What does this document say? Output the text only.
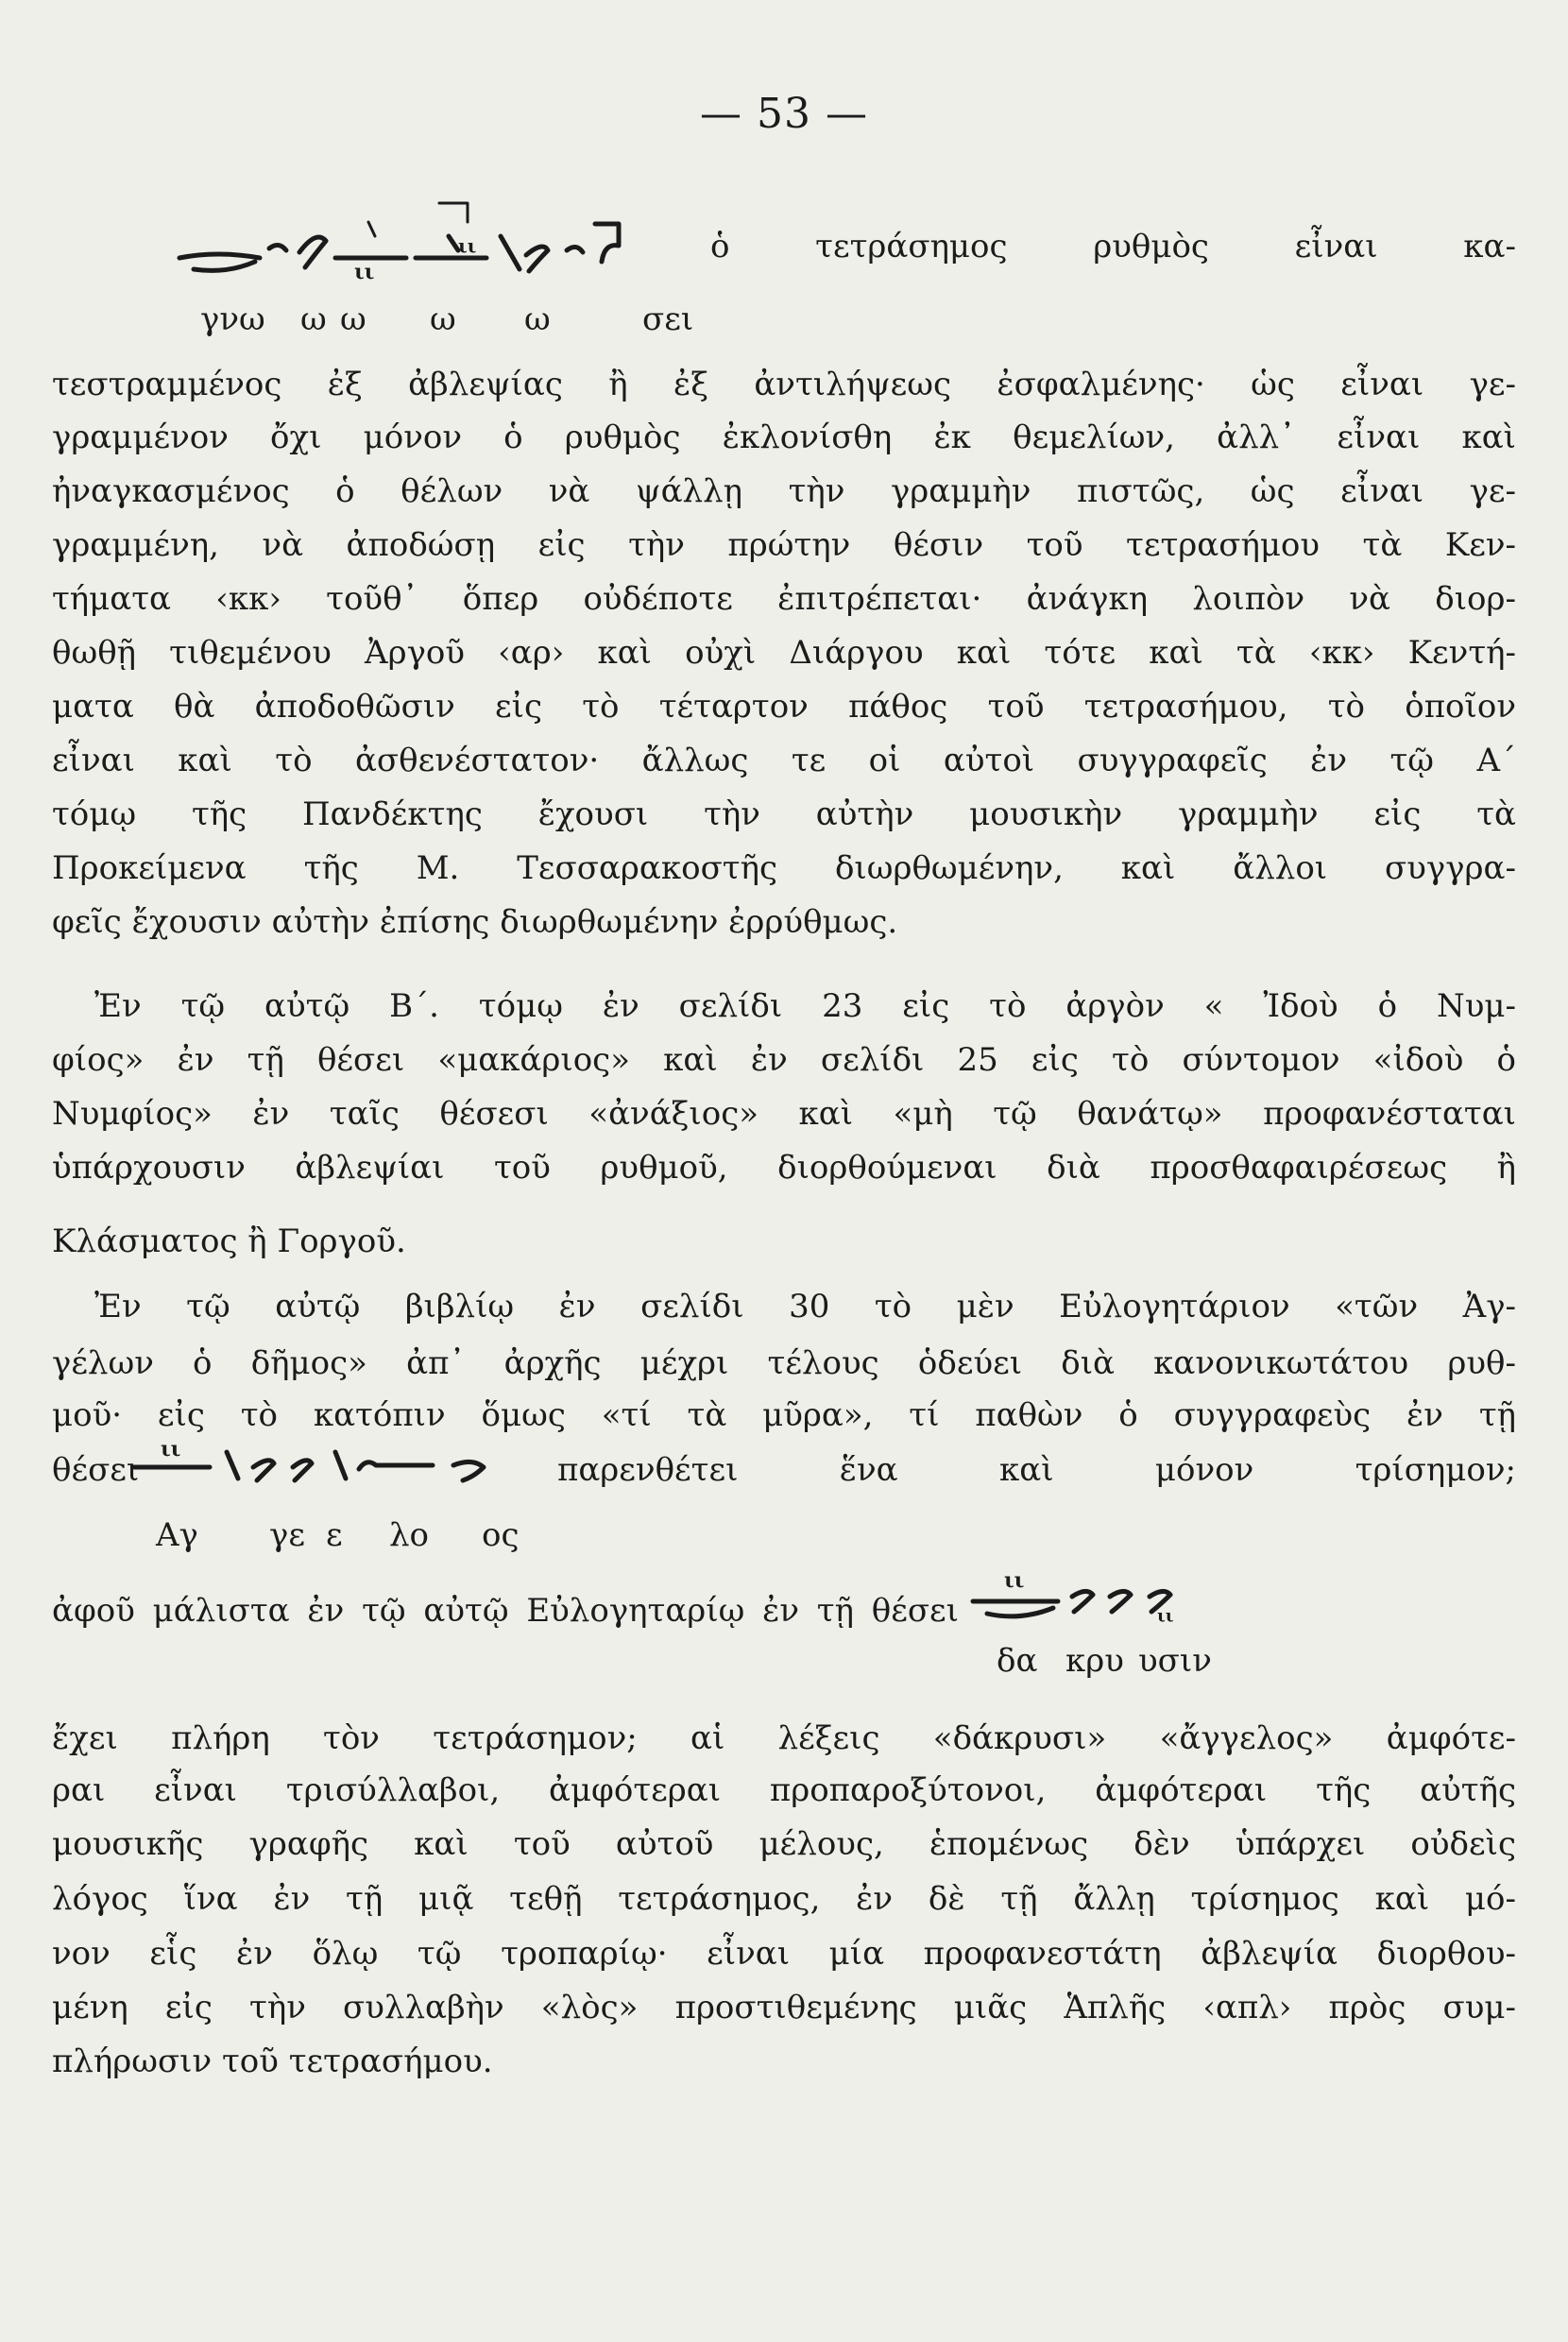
— 53 —
ιι
ιι
γνω ω ω ω ω	σει
ὁ τετράσημος ρυθμὸς εἶναι κα-
τεστραμμένος ἐξ ἀβλεψίας ἢ ἐξ ἀντιλήψεως ἐσφαλμένης· ὡς εἶναι γε-
γραμμένον ὄχι μόνον ὁ ρυθμὸς ἐκλονίσθη ἐκ θεμελίων, ἀλλ᾽ εἶναι καὶ
ἠναγκασμένος ὁ θέλων νὰ ψάλλῃ τὴν γραμμὴν πιστῶς, ὡς εἶναι γε-
γραμμένη, νὰ ἀποδώσῃ εἰς τὴν πρώτην θέσιν τοῦ τετρασήμου τὰ Κεν-
τήματα ‹κκ› τοῦθ᾽ ὅπερ οὐδέποτε ἐπιτρέπεται· ἀνάγκη λοιπὸν νὰ διορ-
θωθῇ τιθεμένου Ἀργοῦ ‹αρ› καὶ οὐχὶ Διάργου καὶ τότε καὶ τὰ ‹κκ› Κεντή-
ματα θὰ ἀποδοθῶσιν εἰς τὸ τέταρτον πάθος τοῦ τετρασήμου, τὸ ὁποῖον
εἶναι καὶ τὸ ἀσθενέστατον· ἄλλως τε οἱ αὐτοὶ συγγραφεῖς ἐν τῷ Α΄
τόμῳ τῆς Πανδέκτης ἔχουσι τὴν αὐτὴν μουσικὴν γραμμὴν εἰς τὰ
Προκείμενα τῆς Μ. Τεσσαρακοστῆς διωρθωμένην, καὶ ἄλλοι συγγρα-
φεῖς ἔχουσιν αὐτὴν ἐπίσης διωρθωμένην ἐρρύθμως.
Ἐν τῷ αὐτῷ Β΄. τόμῳ ἐν σελίδι 23 εἰς τὸ ἀργὸν « Ἰδοὺ ὁ Νυμ-
φίος» ἐν τῇ θέσει «μακάριος» καὶ ἐν σελίδι 25 εἰς τὸ σύντομον «ἰδοὺ ὁ
Νυμφίος» ἐν ταῖς θέσεσι «ἀνάξιος» καὶ «μὴ τῷ θανάτῳ» προφανέσταται
ὑπάρχουσιν ἀβλεψίαι τοῦ ρυθμοῦ, διορθούμεναι διὰ προσθαφαιρέσεως ἢ
Κλάσματος ἢ Γοργοῦ.
Ἐν τῷ αὐτῷ βιβλίῳ ἐν σελίδι 30 τὸ μὲν Εὐλογητάριον «τῶν Ἀγ-
γέλων ὁ δῆμος» ἀπ᾽ ἀρχῆς μέχρι τέλους ὁδεύει διὰ κανονικωτάτου ρυθ-
μοῦ· εἰς τὸ κατόπιν ὅμως «τί τὰ μῦρα», τί παθὼν ὁ συγγραφεὺς ἐν τῇ
θέσει
ιι
παρενθέτει ἕνα καὶ μόνον τρίσημον;
Αγ γε ε λο ος
ἀφοῦ μάλιστα ἐν τῷ αὐτῷ Εὐλογηταρίῳ ἐν τῇ θέσει
ιι
ιι
δα κρυ υσιν
ἔχει πλήρη τὸν τετράσημον; αἱ λέξεις «δάκρυσι» «ἄγγελος» ἀμφότε-
ραι εἶναι τρισύλλαβοι, ἀμφότεραι προπαροξύτονοι, ἀμφότεραι τῆς αὐτῆς
μουσικῆς γραφῆς καὶ τοῦ αὐτοῦ μέλους, ἑπομένως δὲν ὑπάρχει οὐδεὶς
λόγος ἵνα ἐν τῇ μιᾷ τεθῇ τετράσημος, ἐν δὲ τῇ ἄλλῃ τρίσημος καὶ μό-
νον εἷς ἐν ὅλῳ τῷ τροπαρίῳ· εἶναι μία προφανεστάτη ἀβλεψία διορθου-
μένη εἰς τὴν συλλαβὴν «λὸς» προστιθεμένης μιᾶς Ἁπλῆς ‹απλ› πρὸς συμ-
πλήρωσιν τοῦ τετρασήμου.
